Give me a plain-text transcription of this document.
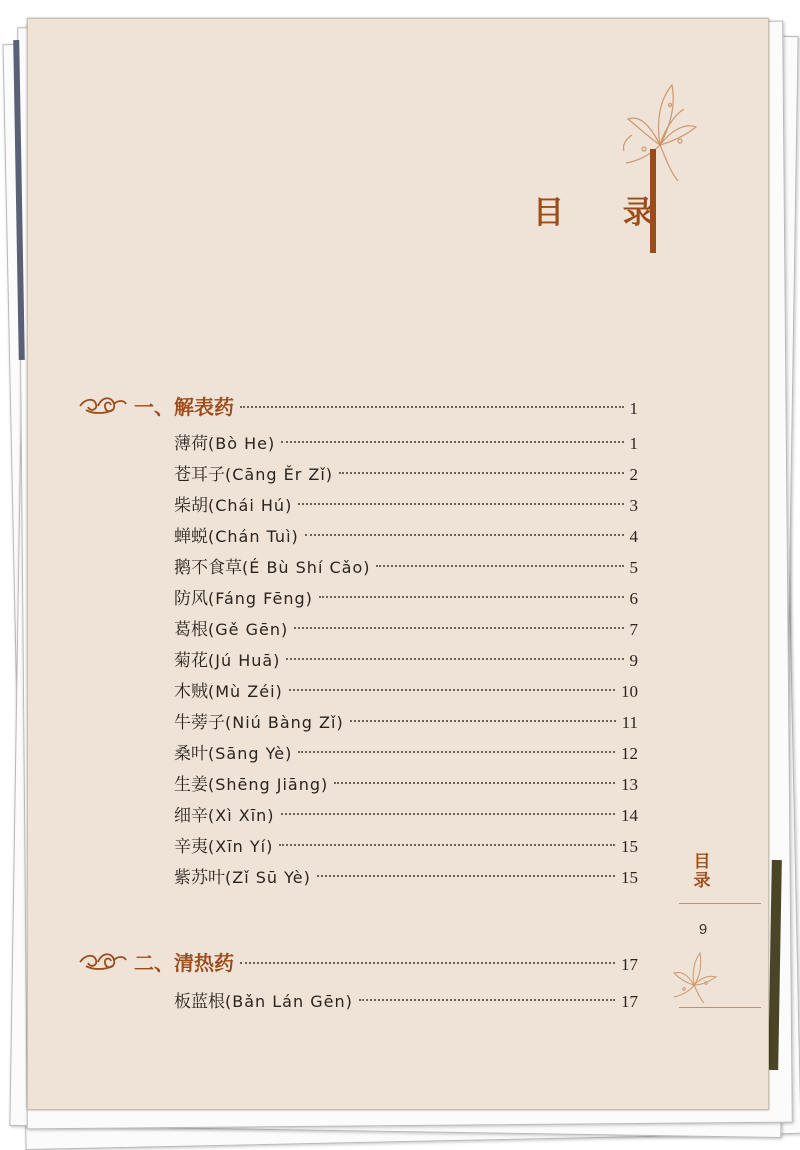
目 录
一、解表药	1
薄荷 (Bò He)	1
苍耳子 (Cāng Ěr Zǐ)	2
柴胡 (Chái Hú)	3
蝉蜕 (Chán Tuì)	4
鹅不食草 (É Bù Shí Cǎo)	5
防风 (Fáng Fēng)	6
葛根 (Gě Gēn)	7
菊花 (Jú Huā)	9
木贼 (Mù Zéi)	10
牛蒡子 (Niú Bàng Zǐ)	11
桑叶 (Sāng Yè)	12
生姜 (Shēng Jiāng)	13
细辛 (Xì Xīn)	14
辛夷 (Xīn Yí)	15
紫苏叶 (Zǐ Sū Yè)	15
二、清热药	17
板蓝根 (Bǎn Lán Gēn)	17
目录
9
